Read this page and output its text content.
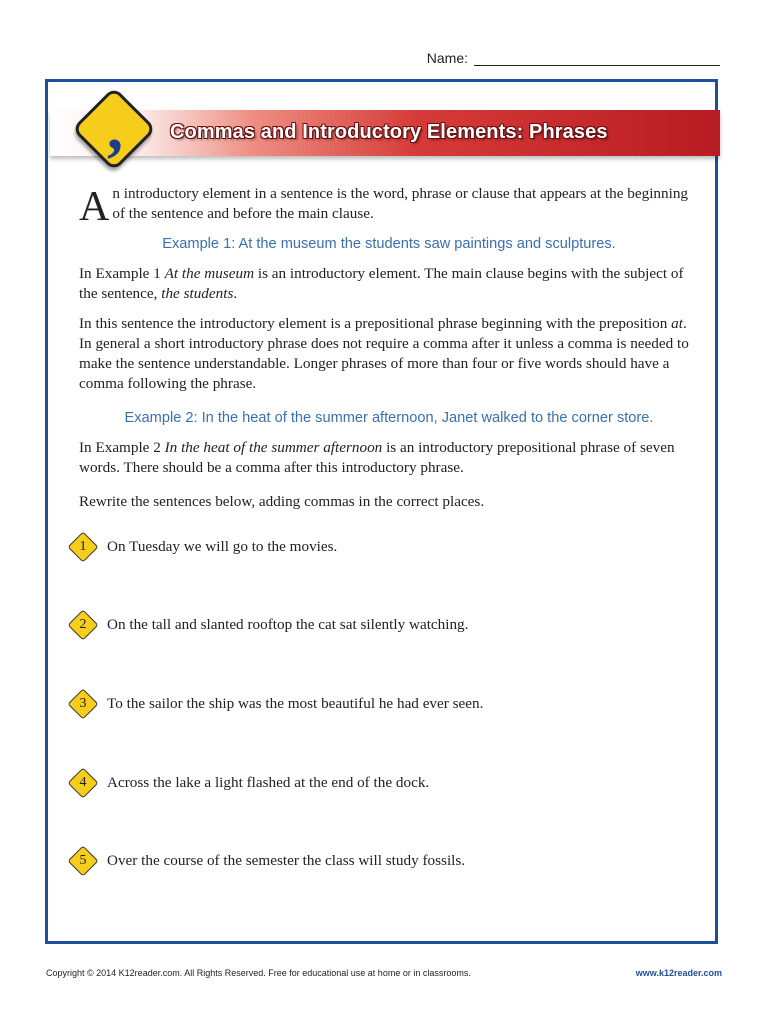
Name:
,	Commas and Introductory Elements: Phrases

An introductory element in a sentence is the word, phrase or clause that appears at the beginning of the sentence and before the main clause.

Example 1: At the museum the students saw paintings and sculptures.

In Example 1 At the museum is an introductory element. The main clause begins with the subject of the sentence, the students.

In this sentence the introductory element is a prepositional phrase beginning with the preposition at. In general a short introductory phrase does not require a comma after it unless a comma is needed to make the sentence understandable. Longer phrases of more than four or five words should have a comma following the phrase.

Example 2: In the heat of the summer afternoon, Janet walked to the corner store.

In Example 2 In the heat of the summer afternoon is an introductory prepositional phrase of seven words. There should be a comma after this introductory phrase.

Rewrite the sentences below, adding commas in the correct places.

1	On Tuesday we will go to the movies.
2	On the tall and slanted rooftop the cat sat silently watching.
3	To the sailor the ship was the most beautiful he had ever seen.
4	Across the lake a light flashed at the end of the dock.
5	Over the course of the semester the class will study fossils.
Copyright © 2014 K12reader.com. All Rights Reserved. Free for educational use at home or in classrooms.	www.k12reader.com
